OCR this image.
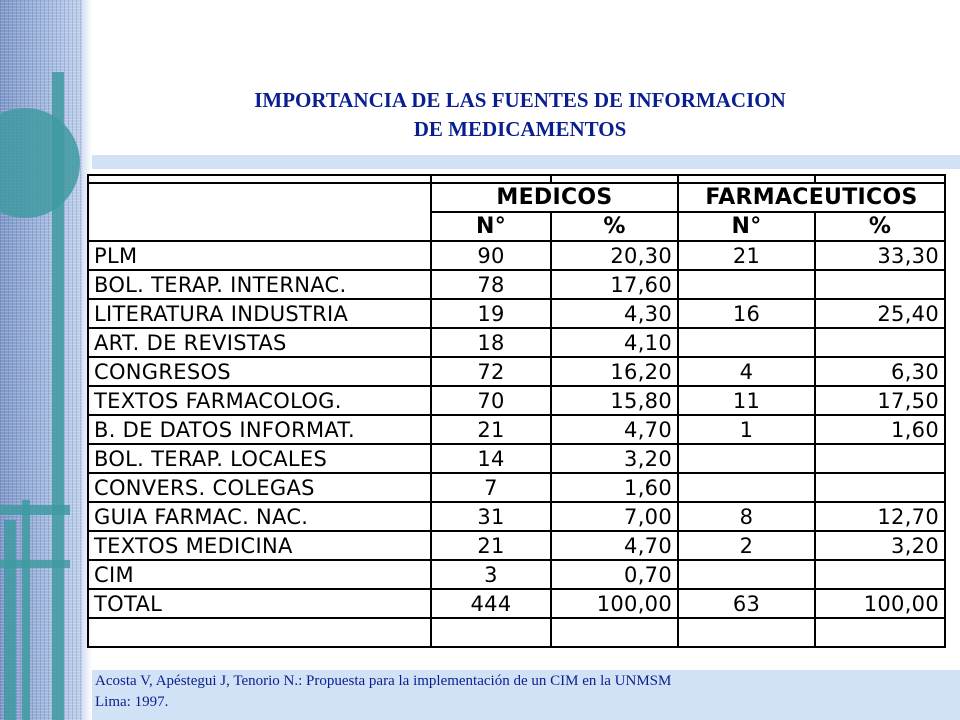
IMPORTANCIA DE LAS FUENTES DE INFORMACION
DE MEDICAMENTOS

	MEDICOS		FARMACEUTICOS	
	N°	%	N°	%
PLM	90	20,30	21	33,30
BOL. TERAP. INTERNAC.	78	17,60		
LITERATURA INDUSTRIA	19	4,30	16	25,40
ART. DE REVISTAS	18	4,10		
CONGRESOS	72	16,20	4	6,30
TEXTOS FARMACOLOG.	70	15,80	11	17,50
B. DE DATOS INFORMAT.	21	4,70	1	1,60
BOL. TERAP. LOCALES	14	3,20		
CONVERS. COLEGAS	7	1,60		
GUIA FARMAC. NAC.	31	7,00	8	12,70
TEXTOS MEDICINA	21	4,70	2	3,20
CIM	3	0,70		
TOTAL	444	100,00	63	100,00

Acosta V, Apéstegui J, Tenorio N.: Propuesta para la implementación de un CIM en la UNMSM
Lima: 1997.
